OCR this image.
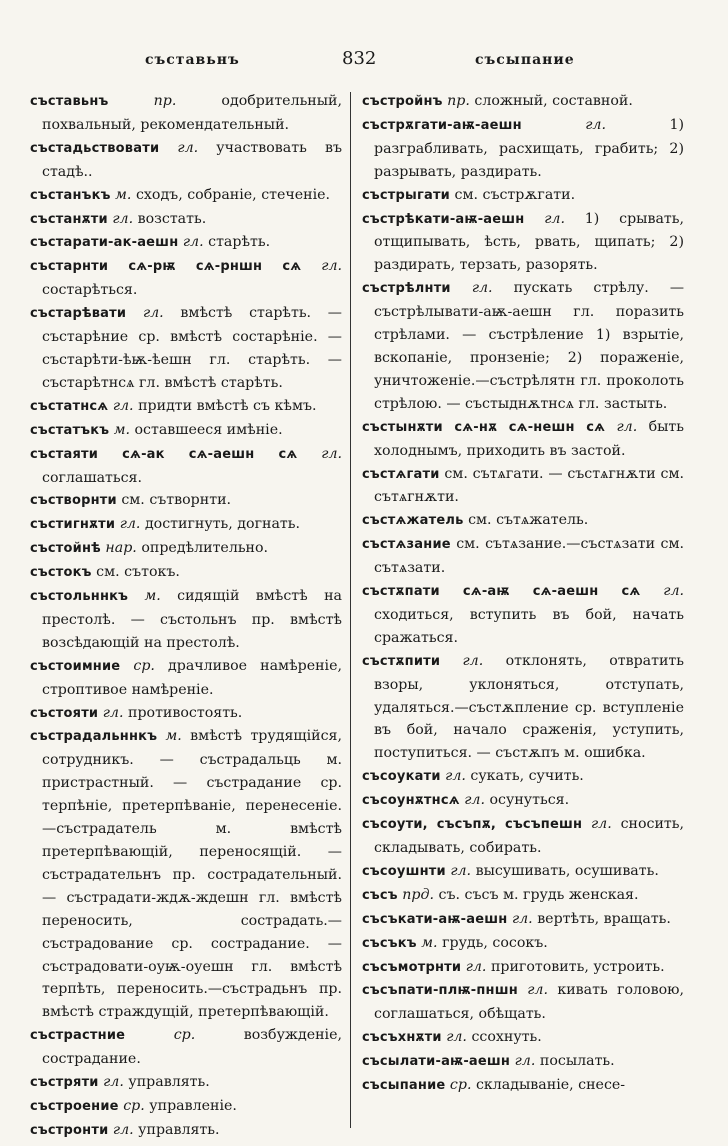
съставьнъ	832	съсыпание

съставьнъ	пр.	одобрительный, похвальный, рекомендательный.

състадьствовати гл. участвовать въ стадѣ..

състанъкъ м. сходъ, собраніе, стеченіе.

състанѫти гл. возстать.

състарати-ак-аешн гл. старѣть.

състарнти сѧ-рѭ сѧ-рншн сѧ гл. состарѣться.

състарѣвати гл. вмѣстѣ старѣть. — състарѣние ср. вмѣстѣ состарѣніе. —състарѣти-ѣѭ-ѣешн гл. старѣть. — състарѣтнсѧ гл. вмѣстѣ старѣть.

състатнсѧ гл. придти вмѣстѣ съ кѣмъ.

състатъкъ м. оставшееся имѣніе.

състаяти сѧ-ак сѧ-аешн сѧ гл. соглашаться.

състворнти см. сътворнти.

състигнѫти гл. достигнуть, догнать.

състойнѣ нар. опредѣлительно.

състокъ см. сътокъ.

състольннкъ м. сидящій вмѣстѣ на престолѣ. — състольнъ пр. вмѣстѣ возсѣдающій на престолѣ.

състоимние ср. драчливое намѣреніе, строптивое намѣреніе.

състояти гл. противостоять.

състрадальннкъ м. вмѣстѣ трудящійся, сотрудникъ. — състрадальць м. пристрастный. — състрадание ср. терпѣніе, претерпѣваніе, перенесеніе. —състрадатель м. вмѣстѣ претерпѣвающій, переносящій. — състрадательнъ пр. сострадательный. — състрадати-ждѫ-ждешн гл. вмѣстѣ переносить, сострадать.—състрадование ср. сострадание. — състрадовати-оуѭ-оуешн гл. вмѣстѣ терпѣть, переносить.—състрадьнъ пр. вмѣстѣ страждущій, претерпѣвающій.

състрастние	ср.	возбужденіе, сострадание.

състряти гл. управлять.

състроение ср. управленіе.

състронти гл. управлять.

състройнъ пр. сложный, составной.

състрѫгати-аѭ-аешн	гл.	1) разграбливать, расхищать, грабить; 2) разрывать, раздирать.

състрыгати см. състрѫгати.

състрѣкати-аѭ-аешн гл. 1) срывать, отщипывать, ѣсть, рвать, щипать; 2) раздирать, терзать, разорять.

състрѣлнти гл. пускать стрѣлу. — състрѣлывати-аѭ-аешн гл. поразить стрѣлами. — състрѣление 1) взрытіе, вскопаніе, пронзеніе; 2) пораженіе, уничтоженіе.—състрѣлятн гл. проколоть стрѣлою. — състыднѫтнсѧ гл. застыть.

състынѫти сѧ-нѫ сѧ-нешн сѧ гл. быть холоднымъ, приходить въ застой.

състѧгати см. сътѧгати. — състѧгнѫти см. сътѧгнѫти.

състѧжатель см. сътѧжатель.

състѧзание см. сътѧзание.—състѧзати см. сътѧзати.

състѫпати сѧ-аѭ сѧ-аешн сѧ гл. сходиться, вступить въ бой, начать сражаться.

състѫпити гл. отклонять, отвратить взоры, уклоняться, отступать, удаляться.—състѫпление ср. вступленіе въ бой, начало сраженія, уступить, поступиться. — състѫпъ м. ошибка.

съсоукати гл. сукать, сучить.

съсоунѫтнсѧ гл. осунуться.

съсоути, съсъпѫ, съсъпешн гл. сносить, складывать, собирать.

съсоушнти гл. высушивать, осушивать.

съсъ прд. съ. съсъ м. грудь женская.

съсъкати-аѭ-аешн гл. вертѣть, вращать.

съсъкъ м. грудь, сосокъ.

съсъмотрнти гл. приготовить, устроить.

съсъпати-плѭ-пншн гл. кивать головою, соглашаться, обѣщать.

съсъхнѫти гл. ссохнуть.

съсылати-аѭ-аешн гл. посылать.

съсыпание ср. складываніе, снесе-
